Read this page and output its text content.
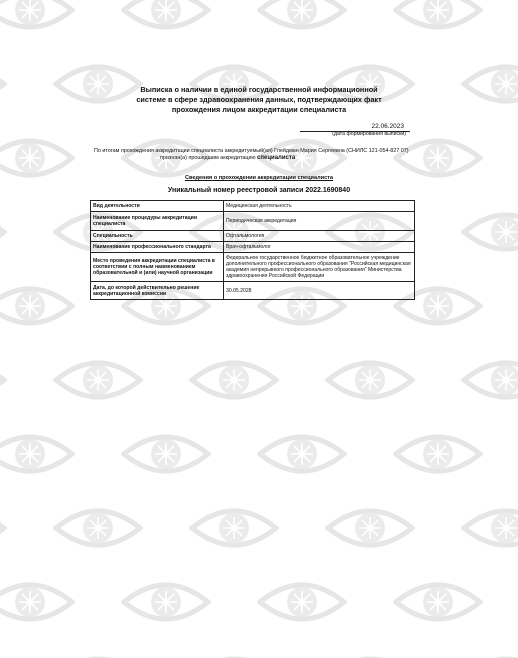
Выписка о наличии в единой государственной информационной
системе в сфере здравоохранения данных, подтверждающих факт
прохождения лицом аккредитации специалиста
22.06.2023
(дата формирования выписки)
По итогам прохождения аккредитации специалиста аккредитуемый(ая) Глейдман Мария Сергеевна (СНИЛС 121-054-827 07)
признан(а) прошедшим аккредитацию специалиста
Сведения о прохождении аккредитации специалиста
Уникальный номер реестровой записи 2022.1690840
Вид деятельности	Медицинская деятельность
Наименование процедуры аккредитации специалиста	Периодическая аккредитация
Специальность	Офтальмология
Наименование профессионального стандарта	Врач-офтальмолог
Место проведения аккредитации специалиста в соответствии с полным наименованием образовательной и (или) научной организации	Федеральное государственное бюджетное образовательное учреждение дополнительного профессионального образования "Российская медицинская академия непрерывного профессионального образования" Министерства здравоохранения Российской Федерации
Дата, до которой действительно решение аккредитационной комиссии	30.05.2028
